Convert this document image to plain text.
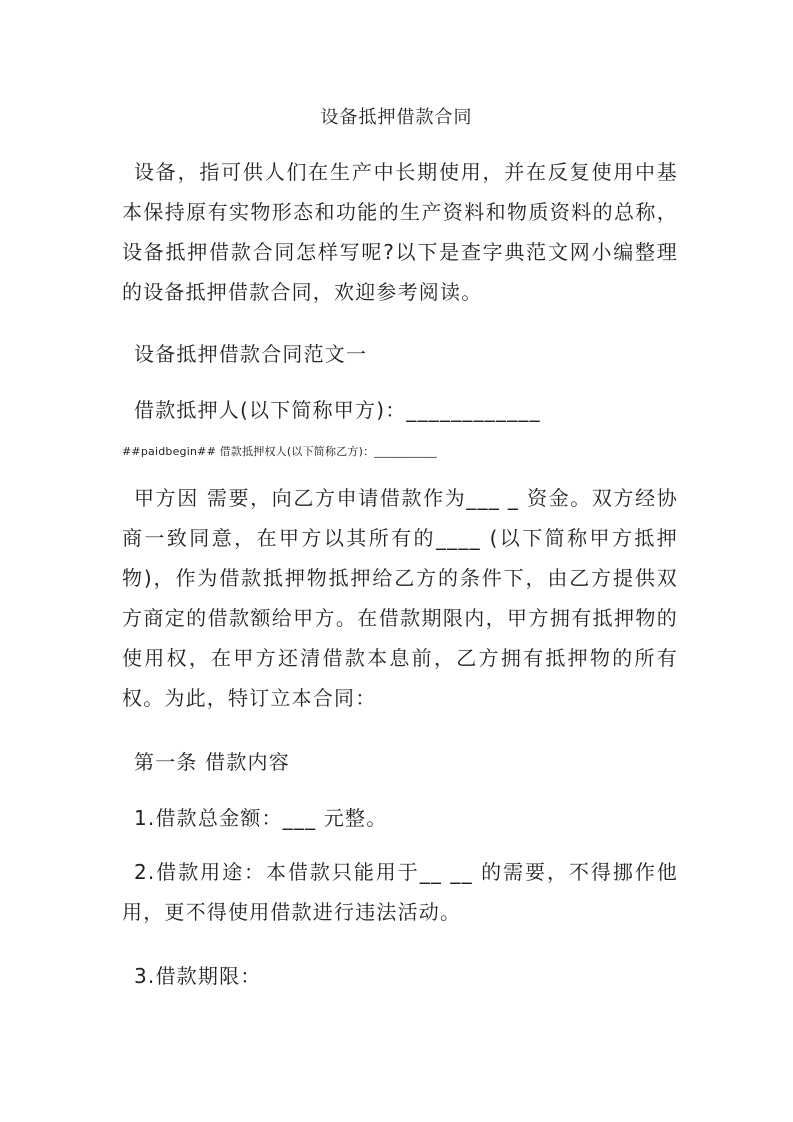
设备抵押借款合同
设备，指可供人们在生产中长期使用，并在反复使用中基本保持原有实物形态和功能的生产资料和物质资料的总称，设备抵押借款合同怎样写呢?以下是查字典范文网小编整理的设备抵押借款合同，欢迎参考阅读。
设备抵押借款合同范文一
借款抵押人(以下简称甲方)：____________
##paidbegin## 借款抵押权人(以下简称乙方)：___________
甲方因 需要，向乙方申请借款作为___ _ 资金。双方经协商一致同意，在甲方以其所有的____ (以下简称甲方抵押物)，作为借款抵押物抵押给乙方的条件下，由乙方提供双方商定的借款额给甲方。在借款期限内，甲方拥有抵押物的使用权，在甲方还清借款本息前，乙方拥有抵押物的所有权。为此，特订立本合同：
第一条 借款内容
1.借款总金额：___ 元整。
2.借款用途：本借款只能用于__ __ 的需要，不得挪作他用，更不得使用借款进行违法活动。
3.借款期限：
